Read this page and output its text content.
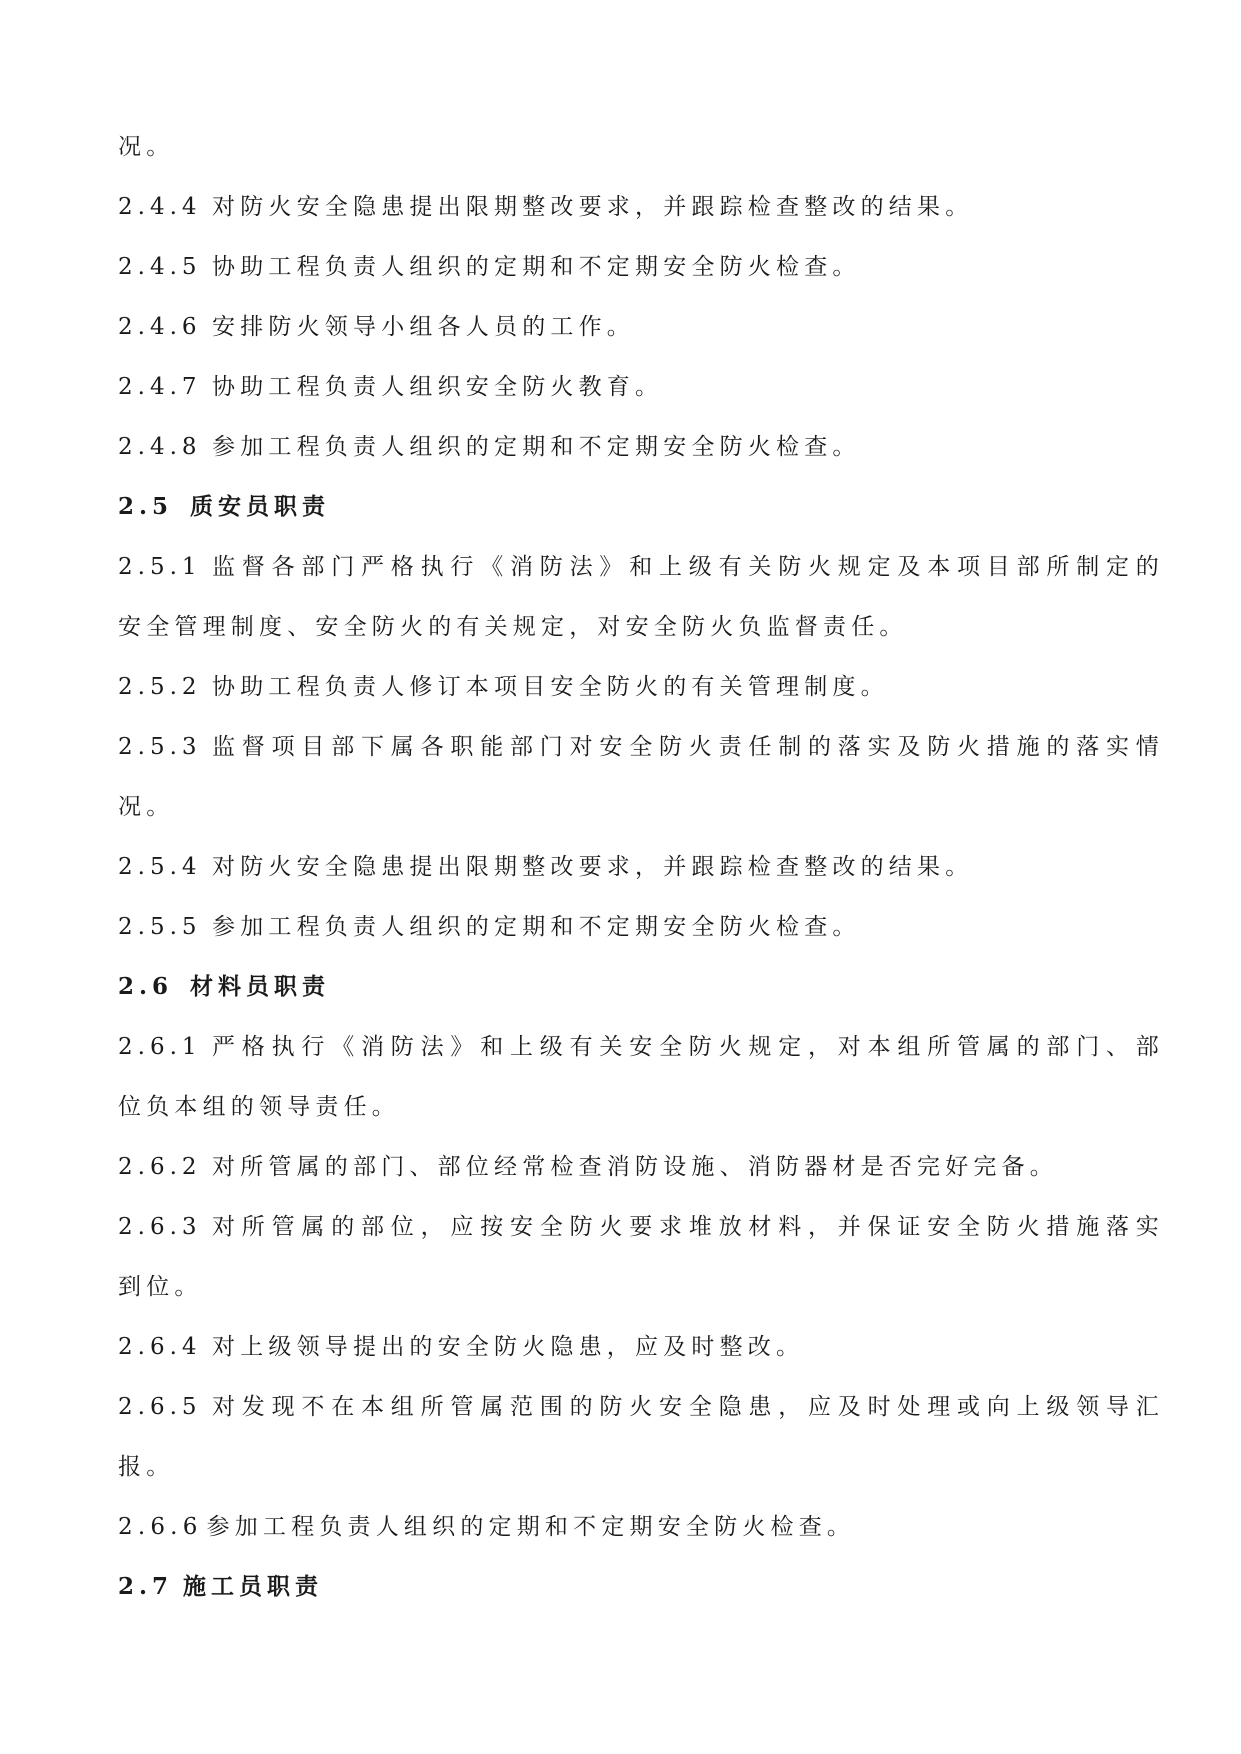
况。
2.4.4 对防火安全隐患提出限期整改要求，并跟踪检查整改的结果。
2.4.5 协助工程负责人组织的定期和不定期安全防火检查。
2.4.6 安排防火领导小组各人员的工作。
2.4.7 协助工程负责人组织安全防火教育。
2.4.8 参加工程负责人组织的定期和不定期安全防火检查。
2.5 质安员职责
2.5.1 监督各部门严格执行《消防法》和上级有关防火规定及本项目部所制定的
安全管理制度、安全防火的有关规定，对安全防火负监督责任。
2.5.2 协助工程负责人修订本项目安全防火的有关管理制度。
2.5.3 监督项目部下属各职能部门对安全防火责任制的落实及防火措施的落实情
况。
2.5.4 对防火安全隐患提出限期整改要求，并跟踪检查整改的结果。
2.5.5 参加工程负责人组织的定期和不定期安全防火检查。
2.6 材料员职责
2.6.1 严格执行《消防法》和上级有关安全防火规定，对本组所管属的部门、部
位负本组的领导责任。
2.6.2 对所管属的部门、部位经常检查消防设施、消防器材是否完好完备。
2.6.3 对所管属的部位，应按安全防火要求堆放材料，并保证安全防火措施落实
到位。
2.6.4 对上级领导提出的安全防火隐患，应及时整改。
2.6.5 对发现不在本组所管属范围的防火安全隐患，应及时处理或向上级领导汇
报。
2.6.6 参加工程负责人组织的定期和不定期安全防火检查。
2.7 施工员职责
